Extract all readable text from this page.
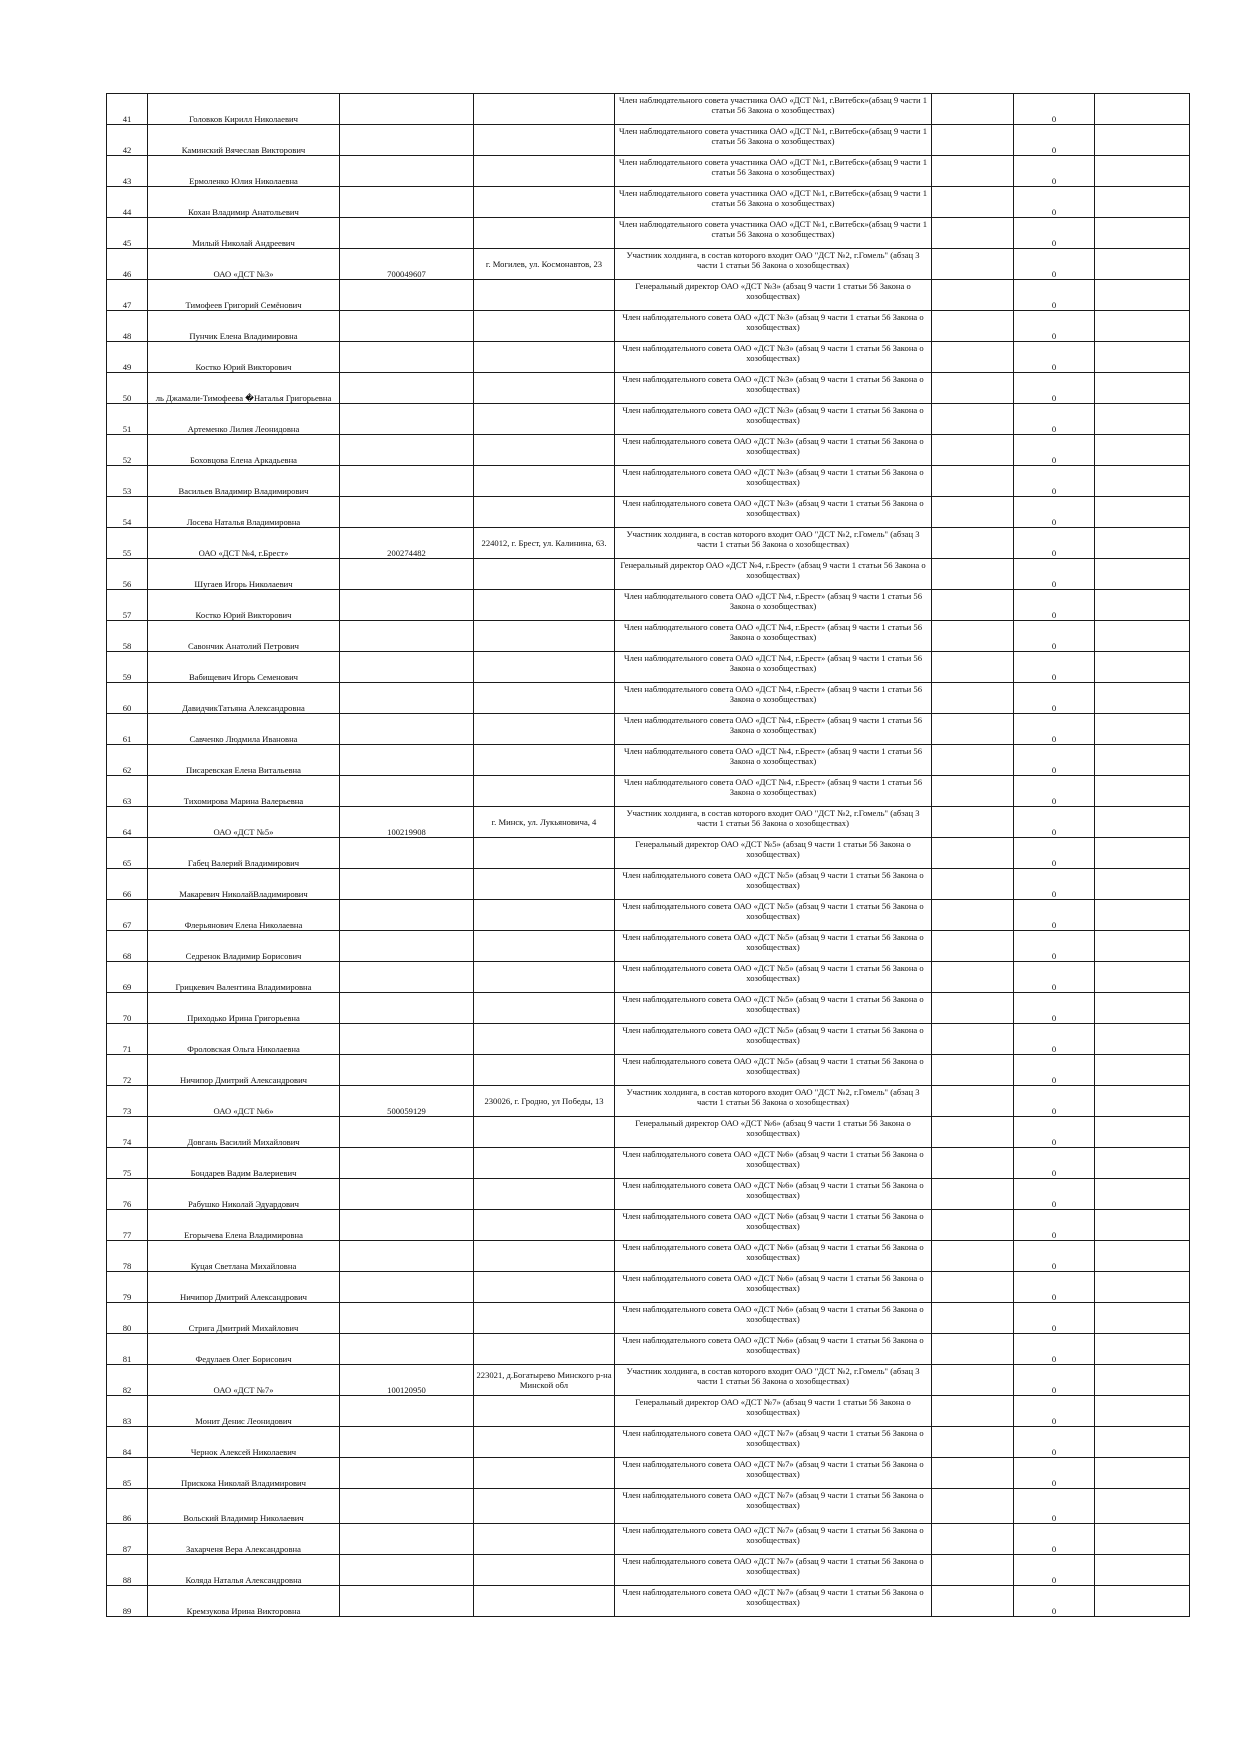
41	Головков Кирилл Николаевич			Член наблюдательного совета участника ОАО «ДСТ №1, г.Витебск»(абзац 9 части 1 статьи 56 Закона о хозобществах)		0	
42	Каминский Вячеслав Викторович			Член наблюдательного совета участника ОАО «ДСТ №1, г.Витебск»(абзац 9 части 1 статьи 56 Закона о хозобществах)		0	
43	Ермоленко Юлия Николаевна			Член наблюдательного совета участника ОАО «ДСТ №1, г.Витебск»(абзац 9 части 1 статьи 56 Закона о хозобществах)		0	
44	Кохан Владимир Анатольевич			Член наблюдательного совета участника ОАО «ДСТ №1, г.Витебск»(абзац 9 части 1 статьи 56 Закона о хозобществах)		0	
45	Милый Николай Андреевич			Член наблюдательного совета участника ОАО «ДСТ №1, г.Витебск»(абзац 9 части 1 статьи 56 Закона о хозобществах)		0	
46	ОАО «ДСТ №3»	700049607	г. Могилев, ул. Космонавтов, 23	Участник холдинга, в состав которого входит ОАО "ДСТ №2, г.Гомель" (абзац 3 части 1 статьи 56 Закона о хозобществах)		0	
47	Тимофеев Григорий Семёнович			Генеральный директор ОАО «ДСТ №3» (абзац 9 части 1 статьи 56 Закона о хозобществах)		0	
48	Пунчик Елена Владимировна			Член наблюдательного совета ОАО «ДСТ №3» (абзац 9 части 1 статьи 56 Закона о хозобществах)		0	
49	Костко Юрий Викторович			Член наблюдательного совета ОАО «ДСТ №3» (абзац 9 части 1 статьи 56 Закона о хозобществах)		0	
50	ль Джамали-Тимофеева �Наталья Григорьевна			Член наблюдательного совета ОАО «ДСТ №3» (абзац 9 части 1 статьи 56 Закона о хозобществах)		0	
51	Артеменко Лилия Леонидовна			Член наблюдательного совета ОАО «ДСТ №3» (абзац 9 части 1 статьи 56 Закона о хозобществах)		0	
52	Боховцова Елена Аркадьевна			Член наблюдательного совета ОАО «ДСТ №3» (абзац 9 части 1 статьи 56 Закона о хозобществах)		0	
53	Васильев Владимир Владимирович			Член наблюдательного совета ОАО «ДСТ №3» (абзац 9 части 1 статьи 56 Закона о хозобществах)		0	
54	Лосева Наталья Владимировна			Член наблюдательного совета ОАО «ДСТ №3» (абзац 9 части 1 статьи 56 Закона о хозобществах)		0	
55	ОАО «ДСТ №4, г.Брест»	200274482	224012, г. Брест, ул. Калинина, 63.	Участник холдинга, в состав которого входит ОАО "ДСТ №2, г.Гомель" (абзац 3 части 1 статьи 56 Закона о хозобществах)		0	
56	Шугаев Игорь Николаевич			Генеральный директор ОАО «ДСТ №4, г.Брест» (абзац 9 части 1 статьи 56 Закона о хозобществах)		0	
57	Костко Юрий Викторович			Член наблюдательного совета ОАО «ДСТ №4, г.Брест» (абзац 9 части 1 статьи 56 Закона о хозобществах)		0	
58	Савончик Анатолий Петрович			Член наблюдательного совета ОАО «ДСТ №4, г.Брест» (абзац 9 части 1 статьи 56 Закона о хозобществах)		0	
59	Вабищевич Игорь Семенович			Член наблюдательного совета ОАО «ДСТ №4, г.Брест» (абзац 9 части 1 статьи 56 Закона о хозобществах)		0	
60	ДавидчикТатьяна Александровна			Член наблюдательного совета ОАО «ДСТ №4, г.Брест» (абзац 9 части 1 статьи 56 Закона о хозобществах)		0	
61	Савченко Людмила Ивановна			Член наблюдательного совета ОАО «ДСТ №4, г.Брест» (абзац 9 части 1 статьи 56 Закона о хозобществах)		0	
62	Писаревская Елена Витальевна			Член наблюдательного совета ОАО «ДСТ №4, г.Брест» (абзац 9 части 1 статьи 56 Закона о хозобществах)		0	
63	Тихомирова Марина Валерьевна			Член наблюдательного совета ОАО «ДСТ №4, г.Брест» (абзац 9 части 1 статьи 56 Закона о хозобществах)		0	
64	ОАО «ДСТ №5»	100219908	г. Минск, ул. Лукьяновича, 4	Участник холдинга, в состав которого входит ОАО "ДСТ №2, г.Гомель" (абзац 3 части 1 статьи 56 Закона о хозобществах)		0	
65	Габец Валерий Владимирович			Генеральный директор ОАО «ДСТ №5» (абзац 9 части 1 статьи 56 Закона о хозобществах)		0	
66	Макаревич НиколайВладимирович			Член наблюдательного совета ОАО «ДСТ №5» (абзац 9 части 1 статьи 56 Закона о хозобществах)		0	
67	Флерьянович Елена Николаевна			Член наблюдательного совета ОАО «ДСТ №5» (абзац 9 части 1 статьи 56 Закона о хозобществах)		0	
68	Седренок Владимир Борисович			Член наблюдательного совета ОАО «ДСТ №5» (абзац 9 части 1 статьи 56 Закона о хозобществах)		0	
69	Грицкевич Валентина Владимировна			Член наблюдательного совета ОАО «ДСТ №5» (абзац 9 части 1 статьи 56 Закона о хозобществах)		0	
70	Приходько Ирина Григорьевна			Член наблюдательного совета ОАО «ДСТ №5» (абзац 9 части 1 статьи 56 Закона о хозобществах)		0	
71	Фроловская Ольга Николаевна			Член наблюдательного совета ОАО «ДСТ №5» (абзац 9 части 1 статьи 56 Закона о хозобществах)		0	
72	Ничипор Дмитрий Александрович			Член наблюдательного совета ОАО «ДСТ №5» (абзац 9 части 1 статьи 56 Закона о хозобществах)		0	
73	ОАО «ДСТ №6»	500059129	230026, г. Гродно, ул Победы, 13	Участник холдинга, в состав которого входит ОАО "ДСТ №2, г.Гомель" (абзац 3 части 1 статьи 56 Закона о хозобществах)		0	
74	Довгань Василий Михайлович			Генеральный директор ОАО «ДСТ №6» (абзац 9 части 1 статьи 56 Закона о хозобществах)		0	
75	Бондарев Вадим Валериевич			Член наблюдательного совета ОАО «ДСТ №6» (абзац 9 части 1 статьи 56 Закона о хозобществах)		0	
76	Рабушко Николай Эдуардович			Член наблюдательного совета ОАО «ДСТ №6» (абзац 9 части 1 статьи 56 Закона о хозобществах)		0	
77	Егорычева Елена Владимировна			Член наблюдательного совета ОАО «ДСТ №6» (абзац 9 части 1 статьи 56 Закона о хозобществах)		0	
78	Куцая Светлана Михайловна			Член наблюдательного совета ОАО «ДСТ №6» (абзац 9 части 1 статьи 56 Закона о хозобществах)		0	
79	Ничипор Дмитрий Александрович			Член наблюдательного совета ОАО «ДСТ №6» (абзац 9 части 1 статьи 56 Закона о хозобществах)		0	
80	Стрига Дмитрий Михайлович			Член наблюдательного совета ОАО «ДСТ №6» (абзац 9 части 1 статьи 56 Закона о хозобществах)		0	
81	Федулаев Олег Борисович			Член наблюдательного совета ОАО «ДСТ №6» (абзац 9 части 1 статьи 56 Закона о хозобществах)		0	
82	ОАО «ДСТ №7»	100120950	223021, д.Богатырево Минского р-на Минской обл	Участник холдинга, в состав которого входит ОАО "ДСТ №2, г.Гомель" (абзац 3 части 1 статьи 56 Закона о хозобществах)		0	
83	Монит Денис Леонидович			Генеральный директор ОАО «ДСТ №7» (абзац 9 части 1 статьи 56 Закона о хозобществах)		0	
84	Чернок Алексей Николаевич			Член наблюдательного совета ОАО «ДСТ №7» (абзац 9 части 1 статьи 56 Закона о хозобществах)		0	
85	Прискока Николай Владимирович			Член наблюдательного совета ОАО «ДСТ №7» (абзац 9 части 1 статьи 56 Закона о хозобществах)		0	
86	Вольский Владимир Николаевич			Член наблюдательного совета ОАО «ДСТ №7» (абзац 9 части 1 статьи 56 Закона о хозобществах)		0	
87	Захарченя Вера Александровна			Член наблюдательного совета ОАО «ДСТ №7» (абзац 9 части 1 статьи 56 Закона о хозобществах)		0	
88	Коляда Наталья Александровна			Член наблюдательного совета ОАО «ДСТ №7» (абзац 9 части 1 статьи 56 Закона о хозобществах)		0	
89	Кремзукова Ирина Викторовна			Член наблюдательного совета ОАО «ДСТ №7» (абзац 9 части 1 статьи 56 Закона о хозобществах)		0	
